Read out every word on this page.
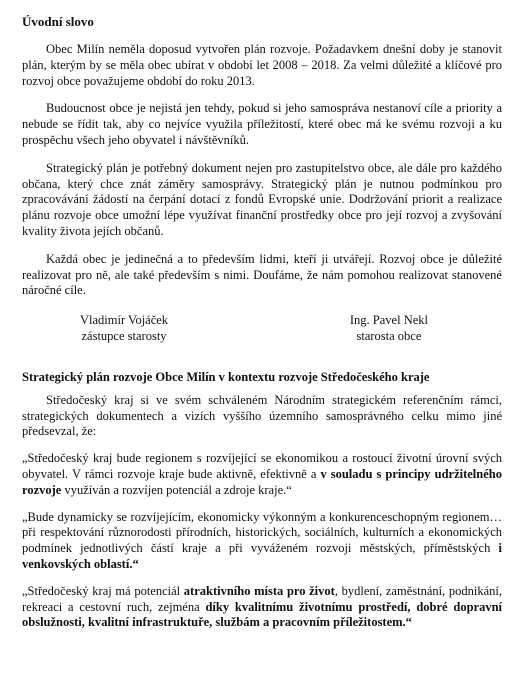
Úvodní slovo

Obec Milín neměla doposud vytvořen plán rozvoje. Požadavkem dnešní doby je stanovit plán, kterým by se měla obec ubírat v období let 2008 – 2018. Za velmi důležité a klíčové pro rozvoj obce považujeme období do roku 2013.

Budoucnost obce je nejistá jen tehdy, pokud si jeho samospráva nestanoví cíle a priority a nebude se řídit tak, aby co nejvíce využila příležitostí, které obec má ke svému rozvoji a ku prospěchu všech jeho obyvatel i návštěvníků.

Strategický plán je potřebný dokument nejen pro zastupitelstvo obce, ale dále pro každého občana, který chce znát záměry samosprávy. Strategický plán je nutnou podmínkou pro zpracovávání žádostí na čerpání dotací z fondů Evropské unie. Dodržování priorit a realizace plánu rozvoje obce umožní lépe využívat finanční prostředky obce pro její rozvoj a zvyšování kvality života jejích občanů.

Každá obec je jedinečná a to především lidmi, kteří ji utvářejí. Rozvoj obce je důležité realizovat pro ně, ale také především s nimi. Doufáme, že nám pomohou realizovat stanovené náročné cíle.

Vladimír Vojáček
zástupce starosty
Ing. Pavel Nekl
starosta obce
Strategický plán rozvoje Obce Milín v kontextu rozvoje Středočeského kraje

Středočeský kraj si ve svém schváleném Národním strategickém referenčním rámci, strategických dokumentech a vizích vyššího územního samosprávného celku mimo jiné předsevzal, že:

„Středočeský kraj bude regionem s rozvíjející se ekonomikou a rostoucí životní úrovní svých obyvatel. V rámci rozvoje kraje bude aktivně, efektivně a v souladu s principy udržitelného rozvoje využíván a rozvíjen potenciál a zdroje kraje.“

„Bude dynamicky se rozvíjejícím, ekonomicky výkonným a konkurenceschopným regionem… při respektování různorodosti přírodních, historických, sociálních, kulturních a ekonomických podmínek jednotlivých částí kraje a při vyváženém rozvoji městských, příměstských i venkovských oblastí.“

„Středočeský kraj má potenciál atraktivního místa pro život, bydlení, zaměstnání, podnikání, rekreaci a cestovní ruch, zejména díky kvalitnímu životnímu prostředí, dobré dopravní obslužnosti, kvalitní infrastruktuře, službám a pracovním příležitostem.“
